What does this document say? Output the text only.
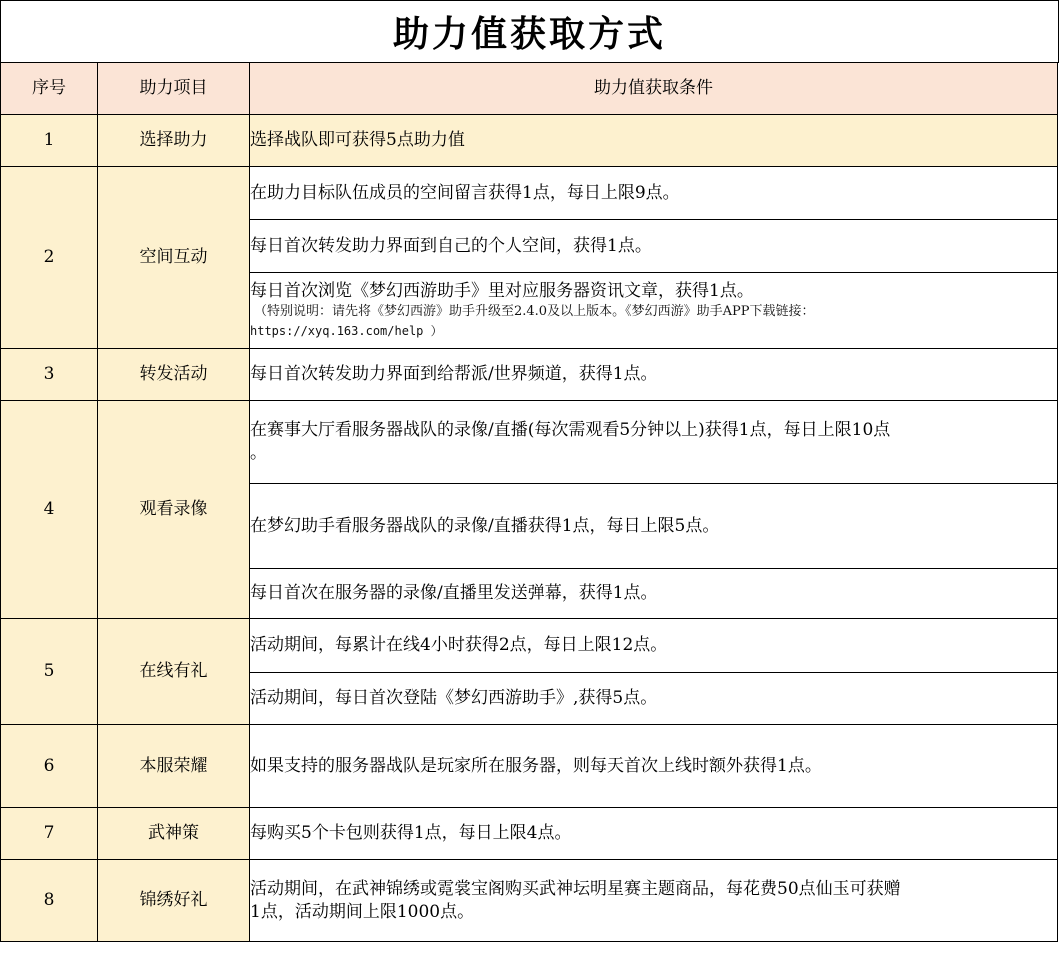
助力值获取方式
序号	助力项目	助力值获取条件
1	选择助力	选择战队即可获得5点助力值
2	空间互动	在助力目标队伍成员的空间留言获得1点，每日上限9点。
		每日首次转发助力界面到自己的个人空间，获得1点。
		每日首次浏览《梦幻西游助手》里对应服务器资讯文章，获得1点。
（特别说明：请先将《梦幻西游》助手升级至2.4.0及以上版本。《梦幻西游》助手APP下载链接：
https://xyq.163.com/help ）

3	转发活动	每日首次转发助力界面到给帮派/世界频道，获得1点。
4	观看录像	在赛事大厅看服务器战队的录像/直播(每次需观看5分钟以上)获得1点，每日上限10点
。
		在梦幻助手看服务器战队的录像/直播获得1点，每日上限5点。
		每日首次在服务器的录像/直播里发送弹幕，获得1点。
5	在线有礼	活动期间，每累计在线4小时获得2点，每日上限12点。
		活动期间，每日首次登陆《梦幻西游助手》,获得5点。
6	本服荣耀	如果支持的服务器战队是玩家所在服务器，则每天首次上线时额外获得1点。
7	武神策	每购买5个卡包则获得1点，每日上限4点。
8	锦绣好礼	活动期间，在武神锦绣或霓裳宝阁购买武神坛明星赛主题商品，每花费50点仙玉可获赠
1点，活动期间上限1000点。
